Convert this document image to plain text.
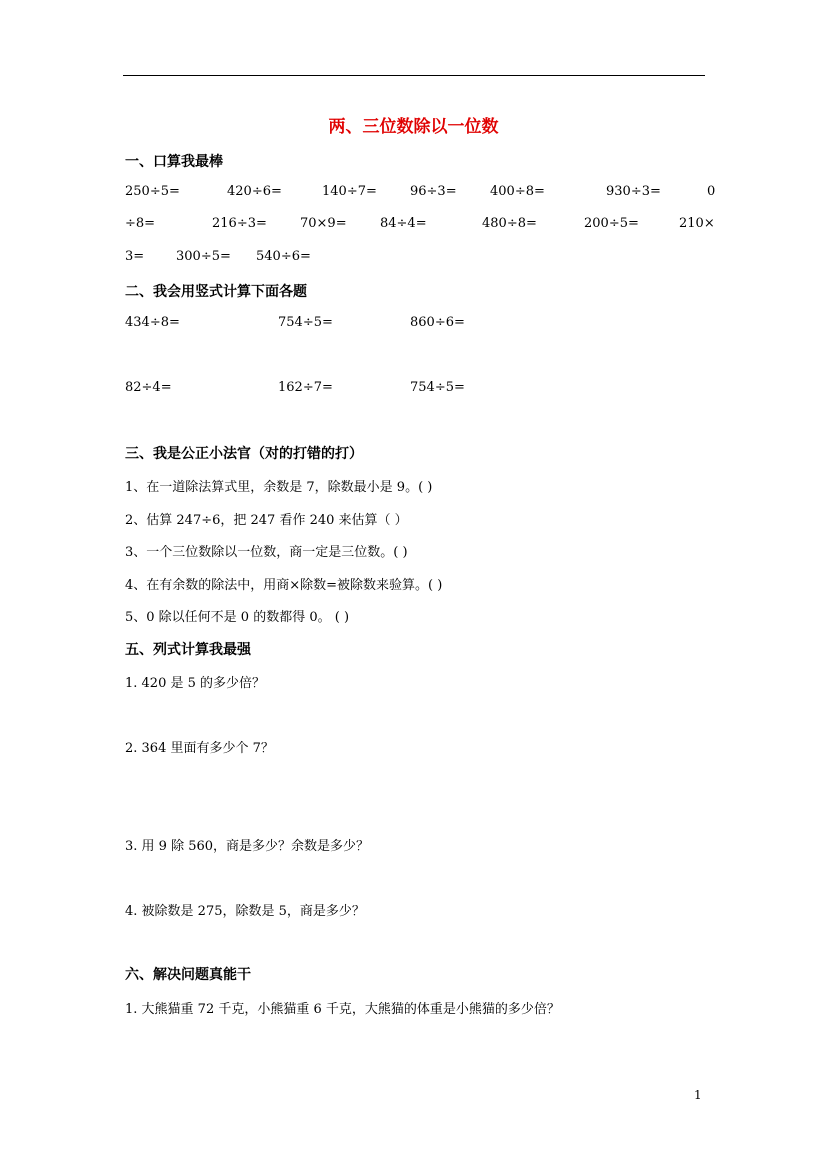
两、三位数除以一位数
一、口算我最棒
250÷5=	420÷6=	140÷7=	96÷3=	400÷8=	930÷3=	0
÷8=	216÷3=	70×9=	84÷4=	480÷8=	200÷5=	210×
3= 300÷5= 540÷6=
二、我会用竖式计算下面各题
434÷8=	754÷5=	860÷6=
82÷4=	162÷7=	754÷5=
三、我是公正小法官（对的打错的打）
1、在一道除法算式里，余数是 7，除数最小是 9。( )
2、估算 247÷6，把 247 看作 240 来估算（ ）
3、一个三位数除以一位数，商一定是三位数。( )
4、在有余数的除法中，用商×除数=被除数来验算。( )
5、0 除以任何不是 0 的数都得 0。 ( )
五、列式计算我最强
1. 420 是 5 的多少倍？
2. 364 里面有多少个 7？
3. 用 9 除 560，商是多少？余数是多少？
4. 被除数是 275，除数是 5，商是多少？
六、解决问题真能干
1. 大熊猫重 72 千克，小熊猫重 6 千克，大熊猫的体重是小熊猫的多少倍？
1
